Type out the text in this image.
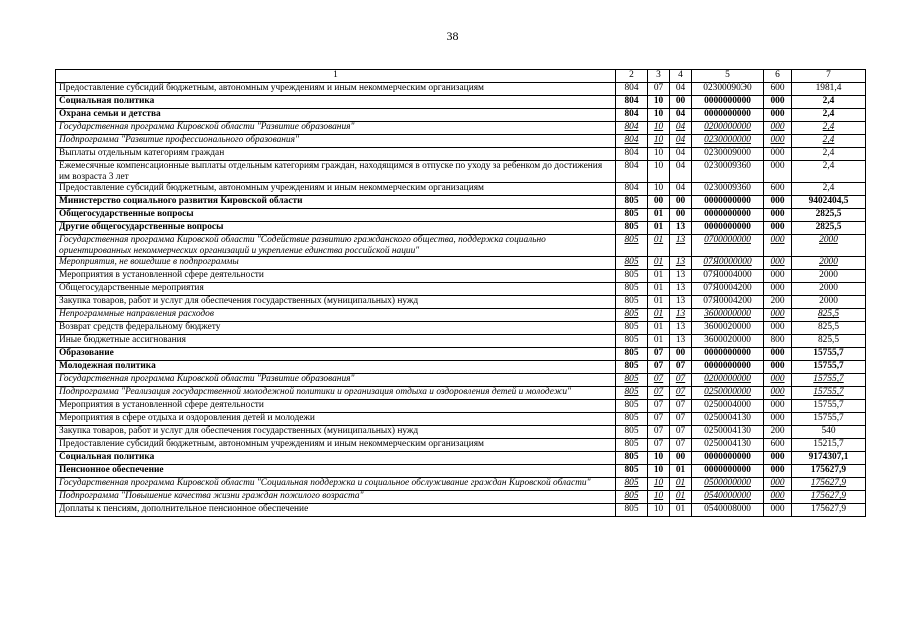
38
1	2	3	4	5	6	7
Предоставление субсидий бюджетным, автономным учреждениям и иным некоммерческим организациям	804	07	04	02300090Э0	600	1981,4
Социальная политика	804	10	00	0000000000	000	2,4
Охрана семьи и детства	804	10	04	0000000000	000	2,4
Государственная программа Кировской области "Развитие образования"	804	10	04	0200000000	000	2,4
Подпрограмма "Развитие профессионального образования"	804	10	04	0230000000	000	2,4
Выплаты отдельным категориям граждан	804	10	04	0230009000	000	2,4
Ежемесячные компенсационные выплаты отдельным категориям граждан, находящимся в отпуске по уходу за ребенком до достижения им возраста 3 лет	804	10	04	0230009360	000	2,4
Предоставление субсидий бюджетным, автономным учреждениям и иным некоммерческим организациям	804	10	04	0230009360	600	2,4
Министерство социального развития Кировской области	805	00	00	0000000000	000	9402404,5
Общегосударственные вопросы	805	01	00	0000000000	000	2825,5
Другие общегосударственные вопросы	805	01	13	0000000000	000	2825,5
Государственная программа Кировской области "Содействие развитию гражданского общества, поддержка социально ориентированных некоммерческих организаций и укрепление единства российской нации"	805	01	13	0700000000	000	2000
Мероприятия, не вошедшие в подпрограммы	805	01	13	07Я0000000	000	2000
Мероприятия в установленной сфере деятельности	805	01	13	07Я0004000	000	2000
Общегосударственные мероприятия	805	01	13	07Я0004200	000	2000
Закупка товаров, работ и услуг для обеспечения государственных (муниципальных) нужд	805	01	13	07Я0004200	200	2000
Непрограммные направления расходов	805	01	13	3600000000	000	825,5
Возврат средств федеральному бюджету	805	01	13	3600020000	000	825,5
Иные бюджетные ассигнования	805	01	13	3600020000	800	825,5
Образование	805	07	00	0000000000	000	15755,7
Молодежная политика	805	07	07	0000000000	000	15755,7
Государственная программа Кировской области "Развитие образования"	805	07	07	0200000000	000	15755,7
Подпрограмма "Реализация государственной молодежной политики и организация отдыха и оздоровления детей и молодежи"	805	07	07	0250000000	000	15755,7
Мероприятия в установленной сфере деятельности	805	07	07	0250004000	000	15755,7
Мероприятия в сфере отдыха и оздоровления детей и молодежи	805	07	07	0250004130	000	15755,7
Закупка товаров, работ и услуг для обеспечения государственных (муниципальных) нужд	805	07	07	0250004130	200	540
Предоставление субсидий бюджетным, автономным учреждениям и иным некоммерческим организациям	805	07	07	0250004130	600	15215,7
Социальная политика	805	10	00	0000000000	000	9174307,1
Пенсионное обеспечение	805	10	01	0000000000	000	175627,9
Государственная программа Кировской области "Социальная поддержка и социальное обслуживание граждан Кировской области"	805	10	01	0500000000	000	175627,9
Подпрограмма "Повышение качества жизни граждан пожилого возраста"	805	10	01	0540000000	000	175627,9
Доплаты к пенсиям, дополнительное пенсионное обеспечение	805	10	01	0540008000	000	175627,9
